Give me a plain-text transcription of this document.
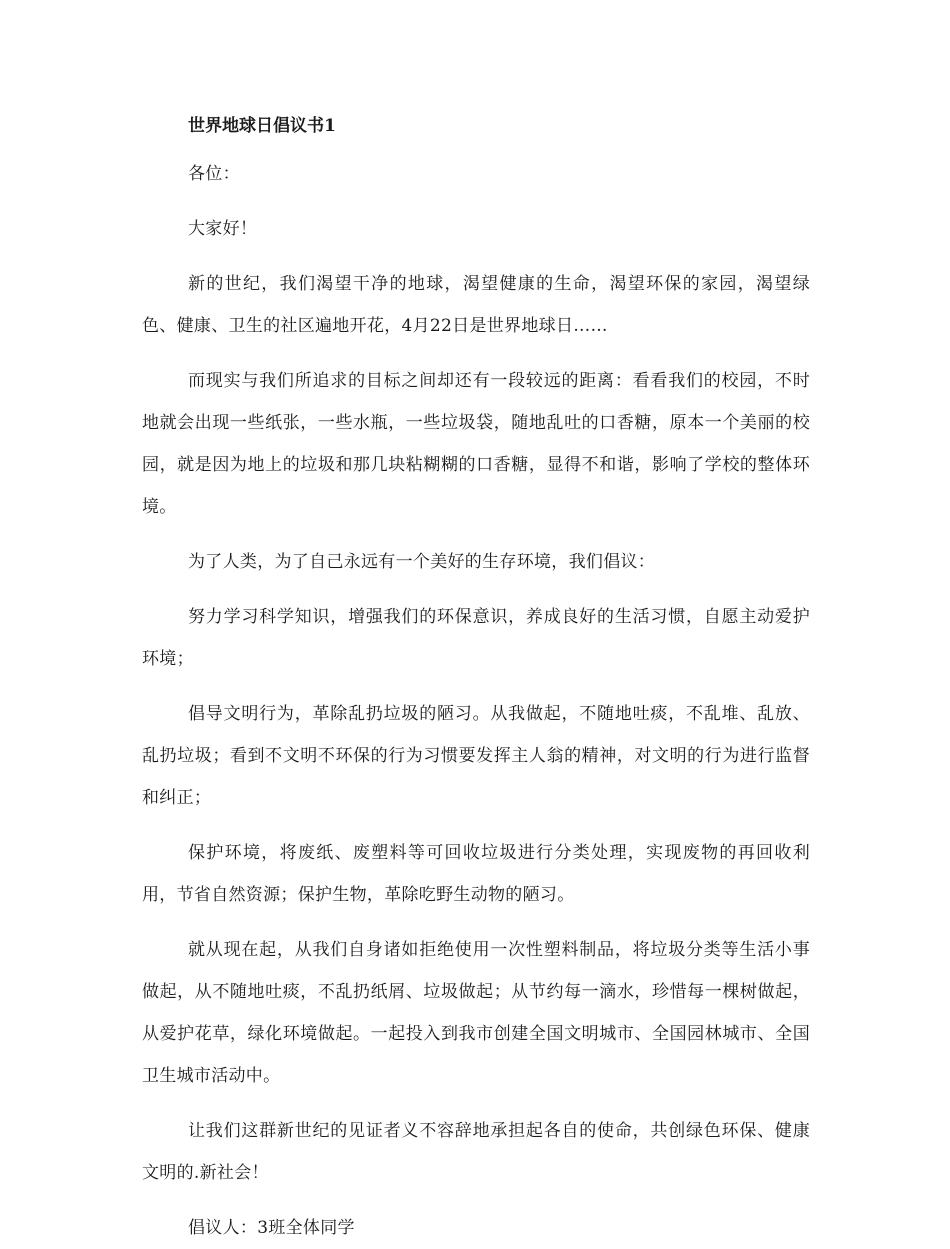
世界地球日倡议书1

各位：

大家好！

新的世纪，我们渴望干净的地球，渴望健康的生命，渴望环保的家园，渴望绿色、健康、卫生的社区遍地开花，4月22日是世界地球日……

而现实与我们所追求的目标之间却还有一段较远的距离：看看我们的校园，不时地就会出现一些纸张，一些水瓶，一些垃圾袋，随地乱吐的口香糖，原本一个美丽的校园，就是因为地上的垃圾和那几块粘糊糊的口香糖，显得不和谐，影响了学校的整体环境。

为了人类，为了自己永远有一个美好的生存环境，我们倡议：

努力学习科学知识，增强我们的环保意识，养成良好的生活习惯，自愿主动爱护环境；

倡导文明行为，革除乱扔垃圾的陋习。从我做起，不随地吐痰，不乱堆、乱放、乱扔垃圾；看到不文明不环保的行为习惯要发挥主人翁的精神，对文明的行为进行监督和纠正；

保护环境，将废纸、废塑料等可回收垃圾进行分类处理，实现废物的再回收利用，节省自然资源；保护生物，革除吃野生动物的陋习。

就从现在起，从我们自身诸如拒绝使用一次性塑料制品，将垃圾分类等生活小事做起，从不随地吐痰，不乱扔纸屑、垃圾做起；从节约每一滴水，珍惜每一棵树做起，从爱护花草，绿化环境做起。一起投入到我市创建全国文明城市、全国园林城市、全国卫生城市活动中。

让我们这群新世纪的见证者义不容辞地承担起各自的使命，共创绿色环保、健康文明的.新社会！

倡议人：3班全体同学
